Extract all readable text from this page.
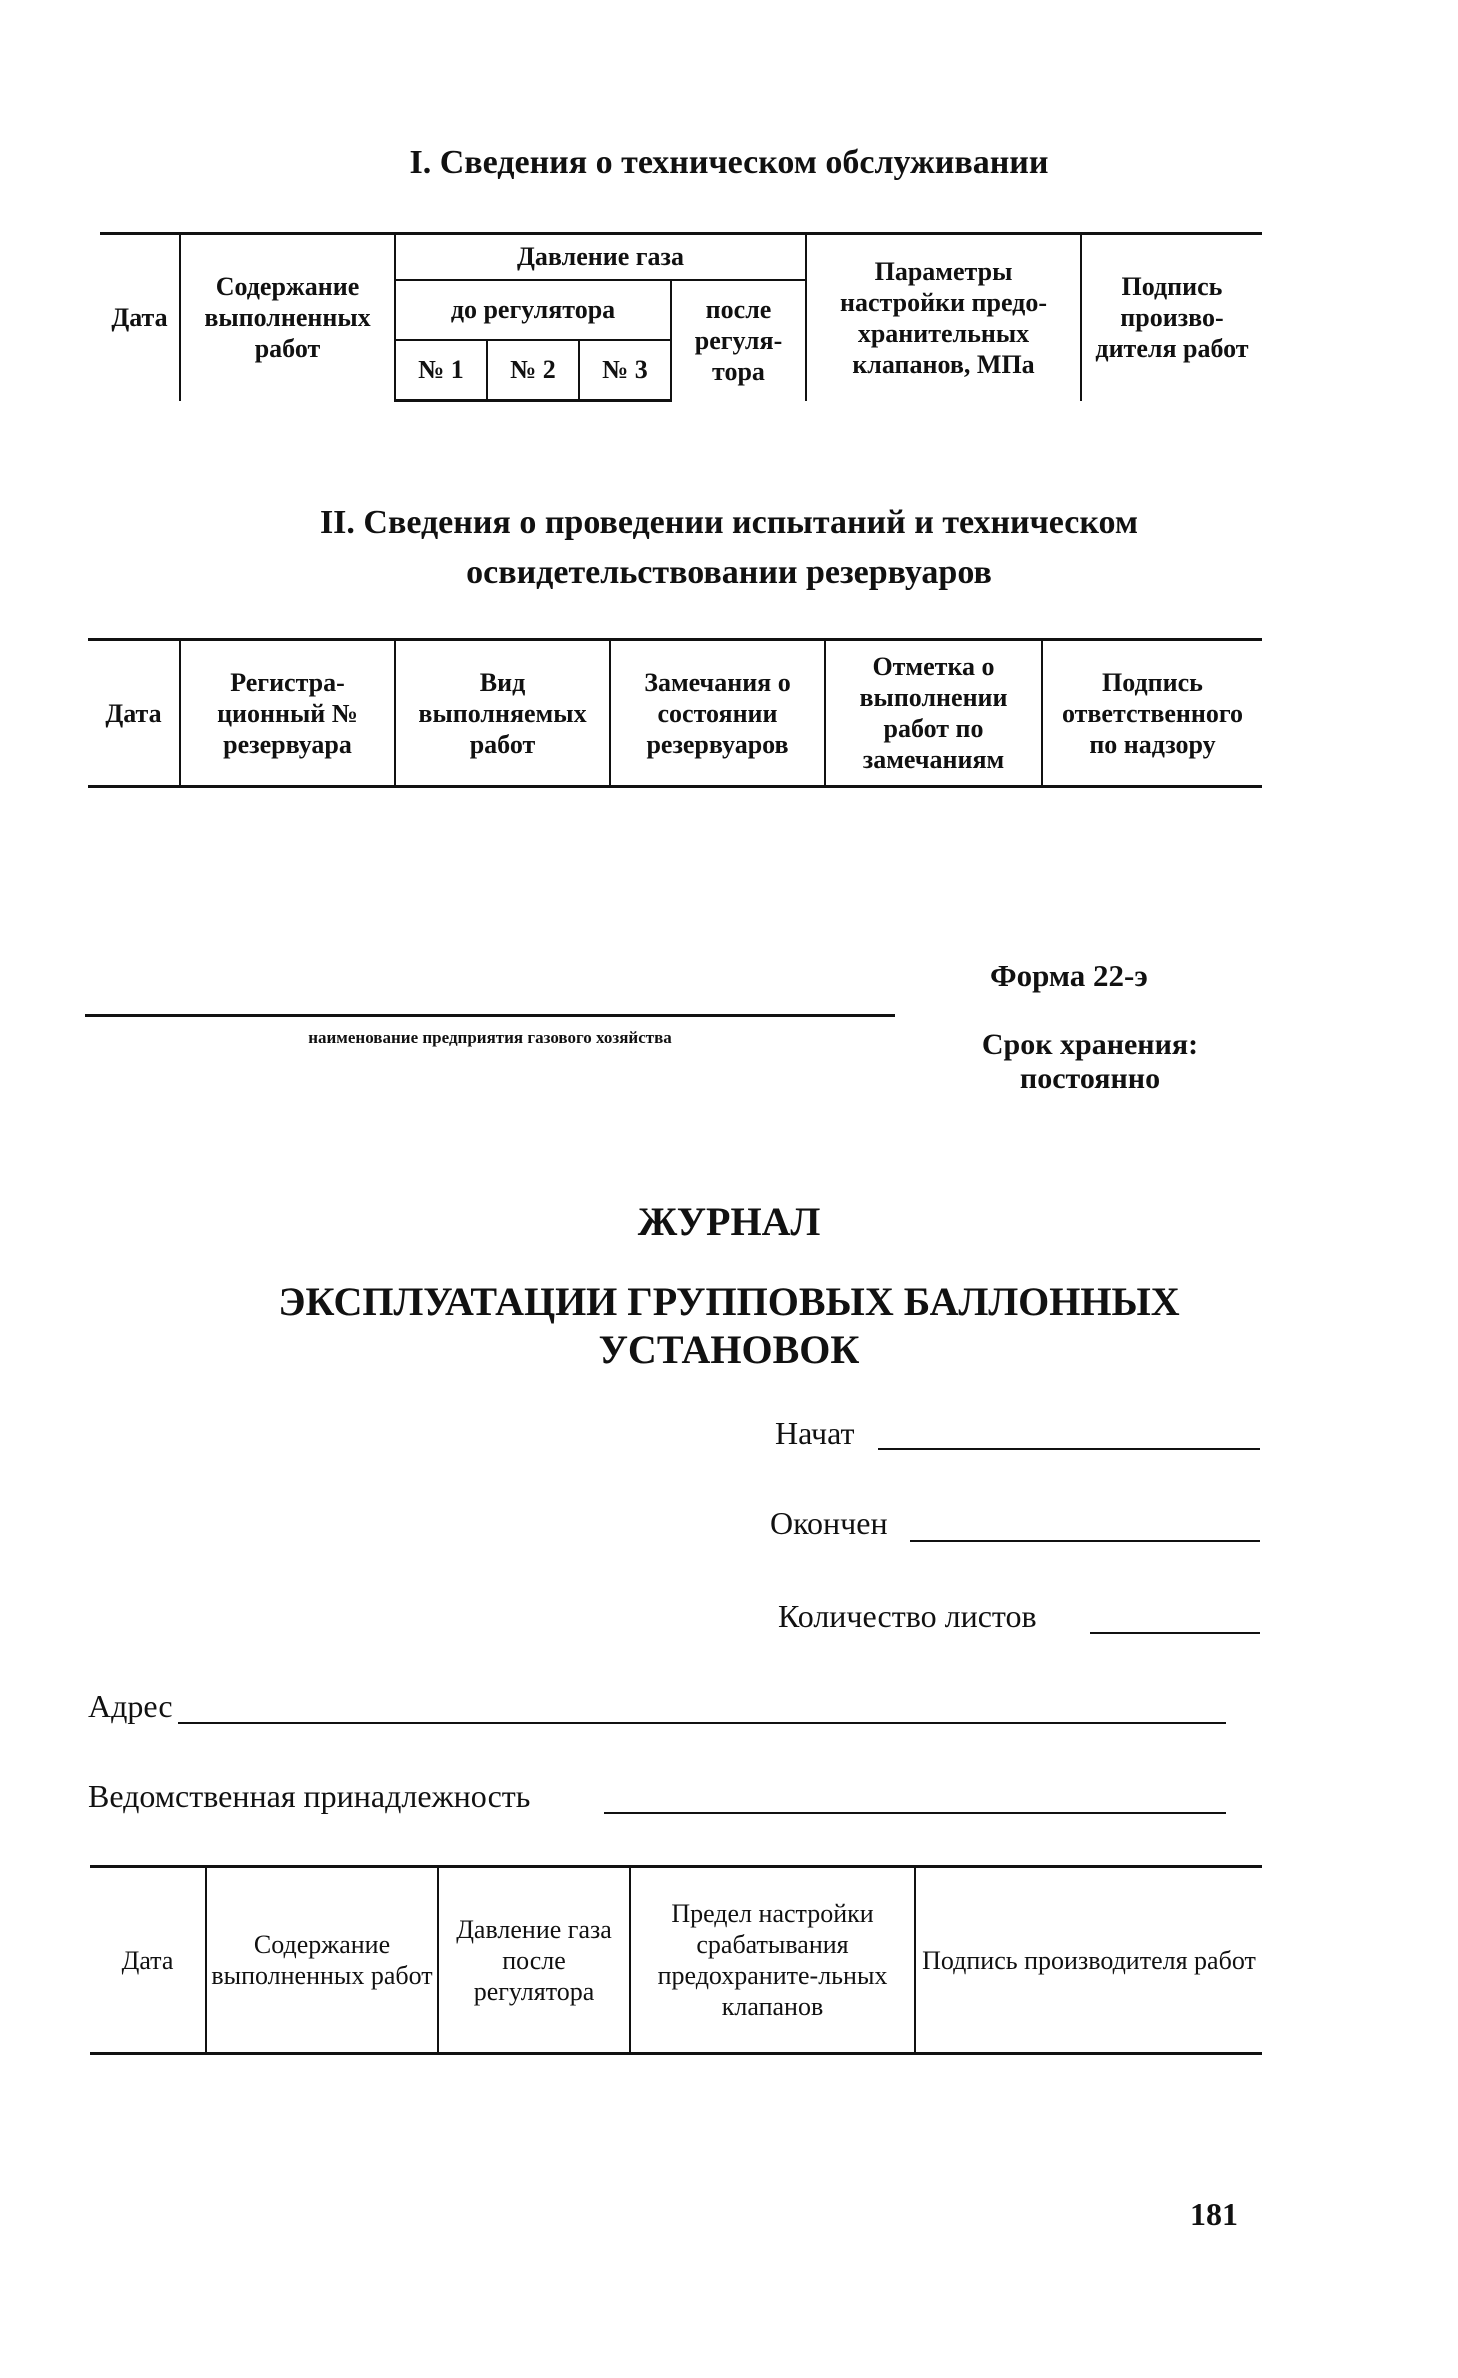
I. Сведения о техническом обслуживании
Дата	Содержание выполненных работ	Давление газа				Параметры настройки предо-хранительных клапанов, МПа	Подпись произво-дителя работ
		до регулятора			после регуля-тора		
		№ 1	№ 2	№ 3			
II. Сведения о проведении испытаний и техническом
освидетельствовании резервуаров
Дата	Регистра-ционный № резервуара	Вид выполняемых работ	Замечания о состоянии резервуаров	Отметка о выполнении работ по замечаниям	Подпись ответственного по надзору
Форма 22-э
наименование предприятия газового хозяйства	Срок хранения:
постоянно
ЖУРНАЛ
ЭКСПЛУАТАЦИИ ГРУППОВЫХ БАЛЛОННЫХ
УСТАНОВОК
Начат
Окончен
Количество листов
Адрес
Ведомственная принадлежность
Дата	Содержание выполненных работ	Давление газа после регулятора	Предел настройки срабатывания предохраните-льных клапанов	Подпись производителя работ
181
